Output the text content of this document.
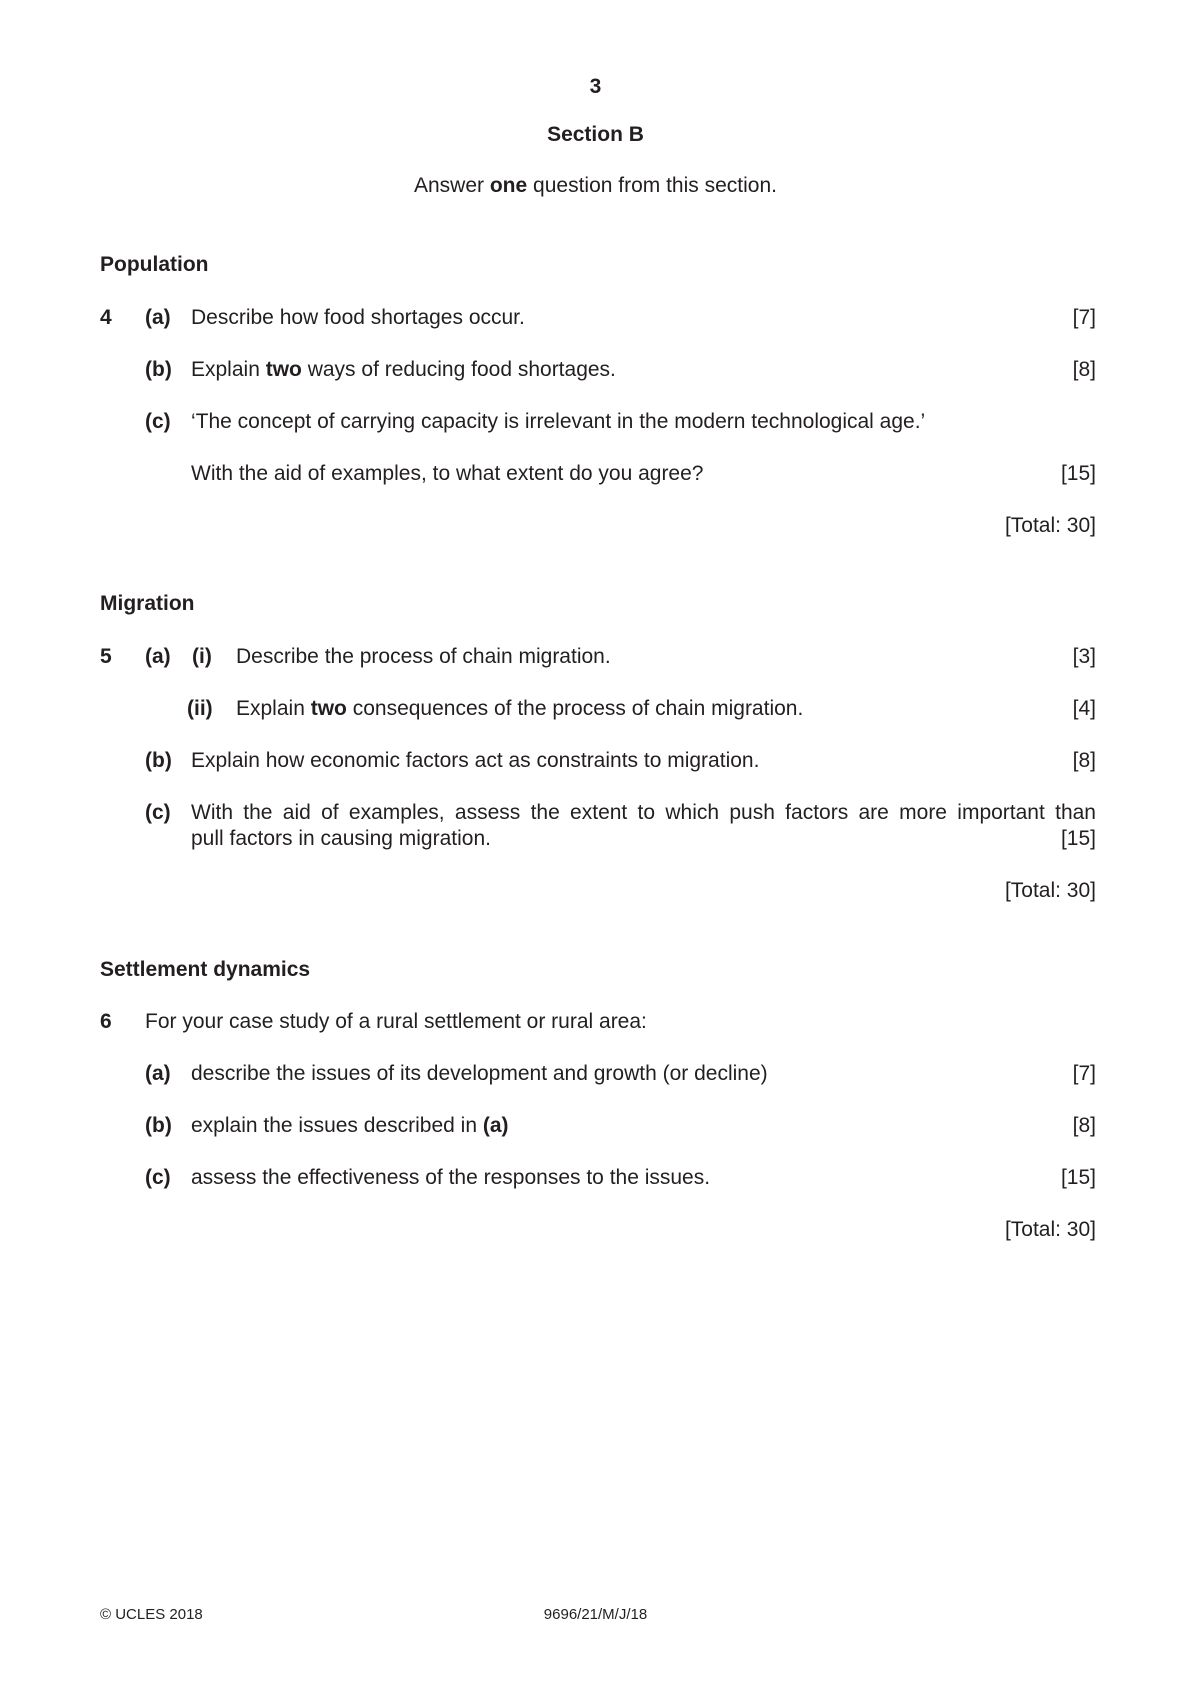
3
Section B
Answer one question from this section.
Population
4 (a) Describe how food shortages occur.	[7]
(b) Explain two ways of reducing food shortages.	[8]
(c) ‘The concept of carrying capacity is irrelevant in the modern technological age.’
With the aid of examples, to what extent do you agree?	[15]
[Total: 30]
Migration
5 (a) (i) Describe the process of chain migration.	[3]
(ii) Explain two consequences of the process of chain migration.	[4]
(b) Explain how economic factors act as constraints to migration.	[8]
(c) With the aid of examples, assess the extent to which push factors are more important than
pull factors in causing migration.	[15]
[Total: 30]
Settlement dynamics
6 For your case study of a rural settlement or rural area:
(a) describe the issues of its development and growth (or decline)	[7]
(b) explain the issues described in (a)	[8]
(c) assess the effectiveness of the responses to the issues.	[15]
[Total: 30]
© UCLES 2018	9696/21/M/J/18
